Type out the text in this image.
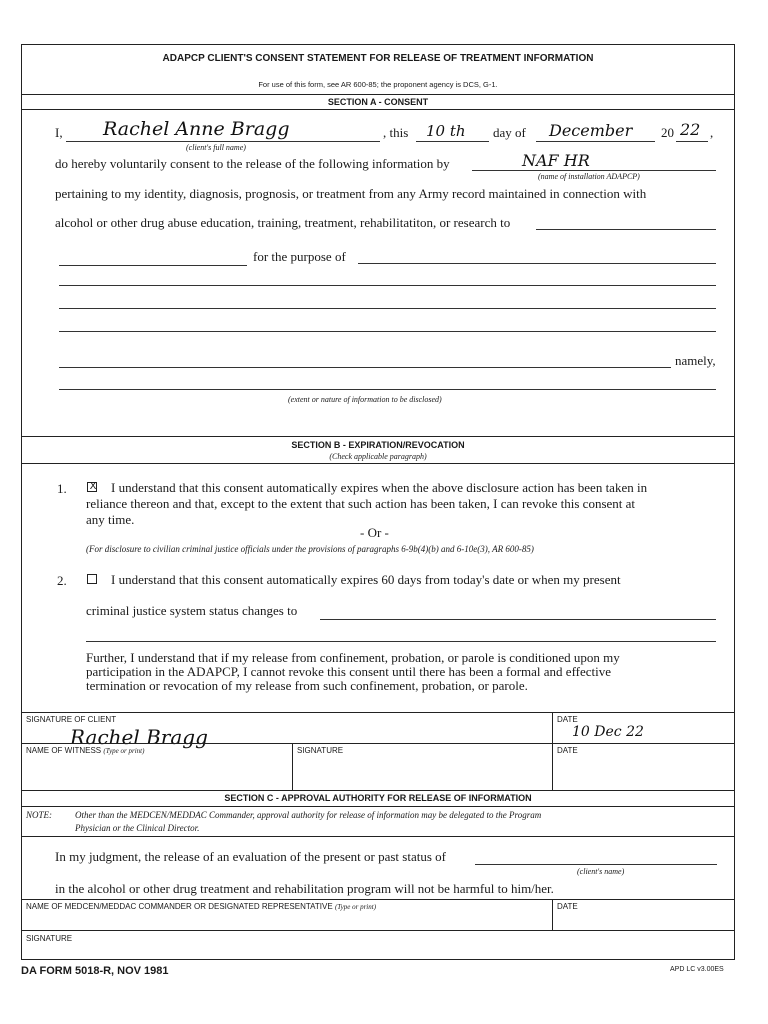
ADAPCP CLIENT'S CONSENT STATEMENT FOR RELEASE OF TREATMENT INFORMATION
For use of this form, see AR 600-85; the proponent agency is DCS, G-1.
SECTION A - CONSENT
I, Rachel Anne Bragg
(client's full name)
, this 10 th day of December 20 22 ,
do hereby voluntarily consent to the release of the following information by	NAF HR
(name of installation ADAPCP)
pertaining to my identity, diagnosis, prognosis, or treatment from any Army record maintained in connection with
alcohol or other drug abuse education, training, treatment, rehabilitatiton, or research to
for the purpose of
namely,
(extent or nature of information to be disclosed)
SECTION B - EXPIRATION/REVOCATION
(Check applicable paragraph)
1. X I understand that this consent automatically expires when the above disclosure action has been taken in
reliance thereon and that, except to the extent that such action has been taken, I can revoke this consent at
any time.
- Or -
(For disclosure to civilian criminal justice officials under the provisions of paragraphs 6-9b(4)(b) and 6-10e(3), AR 600-85)
2.	I understand that this consent automatically expires 60 days from today's date or when my present
criminal justice system status changes to
Further, I understand that if my release from confinement, probation, or parole is conditioned upon my
participation in the ADAPCP, I cannot revoke this consent until there has been a formal and effective
termination or revocation of my release from such confinement, probation, or parole.
SIGNATURE OF CLIENT
Rachel Bragg
DATE
10 Dec 22
NAME OF WITNESS (Type or print)	SIGNATURE	DATE
SECTION C - APPROVAL AUTHORITY FOR RELEASE OF INFORMATION
NOTE:	Other than the MEDCEN/MEDDAC Commander, approval authority for release of information may be delegated to the Program
Physician or the Clinical Director.
In my judgment, the release of an evaluation of the present or past status of
(client's name)
in the alcohol or other drug treatment and rehabilitation program will not be harmful to him/her.
NAME OF MEDCEN/MEDDAC COMMANDER OR DESIGNATED REPRESENTATIVE (Type or print)	DATE
SIGNATURE
DA FORM 5018-R, NOV 1981	APD LC v3.00ES
